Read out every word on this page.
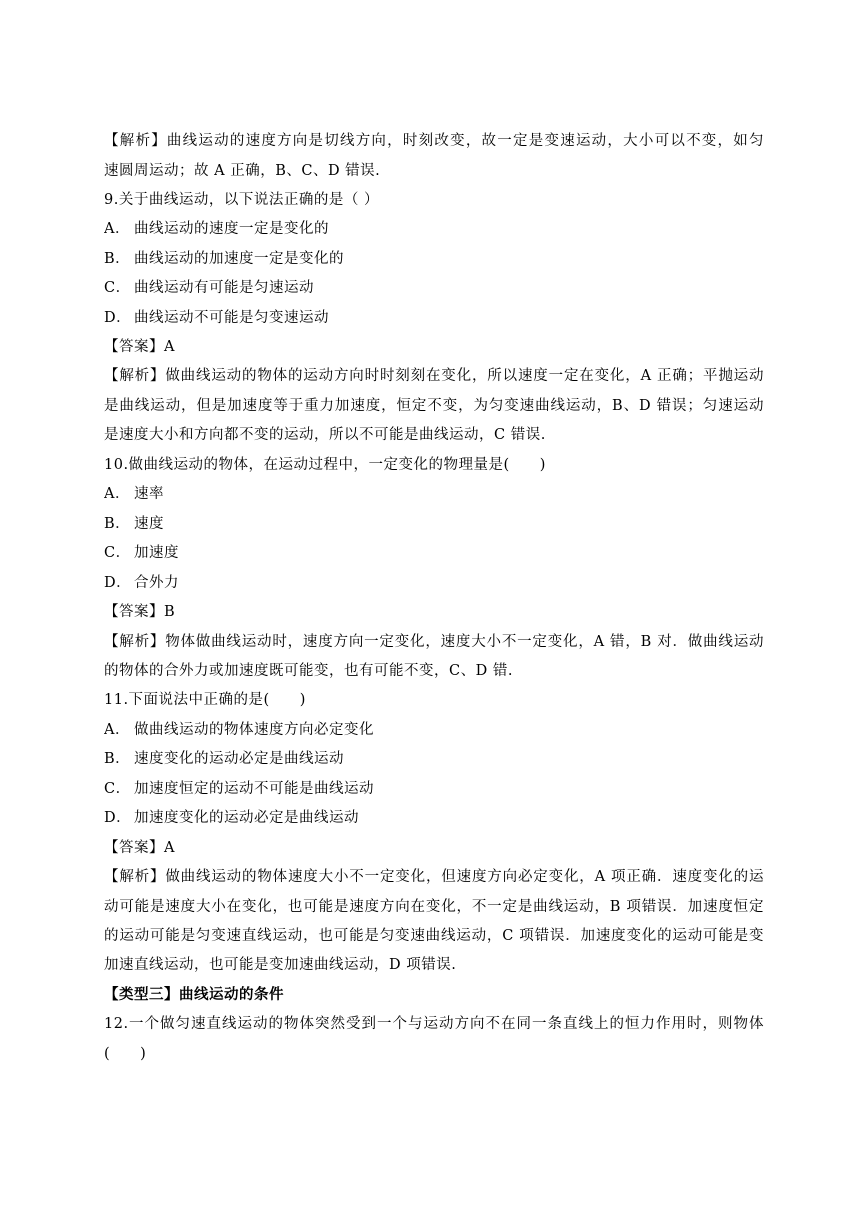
【解析】曲线运动的速度方向是切线方向，时刻改变，故一定是变速运动，大小可以不变，如匀
速圆周运动；故 A 正确，B、C、D 错误.
9.关于曲线运动，以下说法正确的是（ ）
A． 曲线运动的速度一定是变化的
B． 曲线运动的加速度一定是变化的
C． 曲线运动有可能是匀速运动
D． 曲线运动不可能是匀变速运动
【答案】A
【解析】做曲线运动的物体的运动方向时时刻刻在变化，所以速度一定在变化，A 正确；平抛运动
是曲线运动，但是加速度等于重力加速度，恒定不变，为匀变速曲线运动，B、D 错误；匀速运动
是速度大小和方向都不变的运动，所以不可能是曲线运动，C 错误.
10.做曲线运动的物体，在运动过程中，一定变化的物理量是(　　)
A． 速率
B． 速度
C． 加速度
D． 合外力
【答案】B
【解析】物体做曲线运动时，速度方向一定变化，速度大小不一定变化，A 错，B 对．做曲线运动
的物体的合外力或加速度既可能变，也有可能不变，C、D 错.
11.下面说法中正确的是(　　)
A． 做曲线运动的物体速度方向必定变化
B． 速度变化的运动必定是曲线运动
C． 加速度恒定的运动不可能是曲线运动
D． 加速度变化的运动必定是曲线运动
【答案】A
【解析】做曲线运动的物体速度大小不一定变化，但速度方向必定变化，A 项正确．速度变化的运
动可能是速度大小在变化，也可能是速度方向在变化，不一定是曲线运动，B 项错误．加速度恒定
的运动可能是匀变速直线运动，也可能是匀变速曲线运动，C 项错误．加速度变化的运动可能是变
加速直线运动，也可能是变加速曲线运动，D 项错误.
【类型三】曲线运动的条件
12.一个做匀速直线运动的物体突然受到一个与运动方向不在同一条直线上的恒力作用时，则物体
(　　)
